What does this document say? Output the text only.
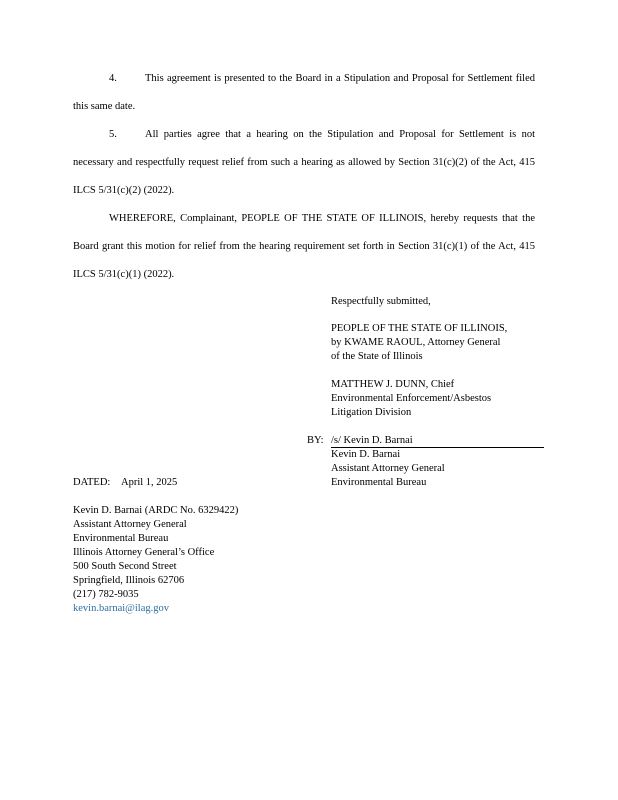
4.	This agreement is presented to the Board in a Stipulation and Proposal for Settlement filed this same date.

5.	All parties agree that a hearing on the Stipulation and Proposal for Settlement is not necessary and respectfully request relief from such a hearing as allowed by Section 31(c)(2) of the Act, 415 ILCS 5/31(c)(2) (2022).

WHEREFORE, Complainant, PEOPLE OF THE STATE OF ILLINOIS, hereby requests that the Board grant this motion for relief from the hearing requirement set forth in Section 31(c)(1) of the Act, 415 ILCS 5/31(c)(1) (2022).

Respectfully submitted,
PEOPLE OF THE STATE OF ILLINOIS,
by KWAME RAOUL, Attorney General
of the State of Illinois
MATTHEW J. DUNN, Chief
Environmental Enforcement/Asbestos
Litigation Division
BY: /s/ Kevin D. Barnai
Kevin D. Barnai
Assistant Attorney General
Environmental Bureau
DATED: April 1, 2025
Kevin D. Barnai (ARDC No. 6329422)
Assistant Attorney General
Environmental Bureau
Illinois Attorney General’s Office
500 South Second Street
Springfield, Illinois 62706
(217) 782-9035
kevin.barnai@ilag.gov
